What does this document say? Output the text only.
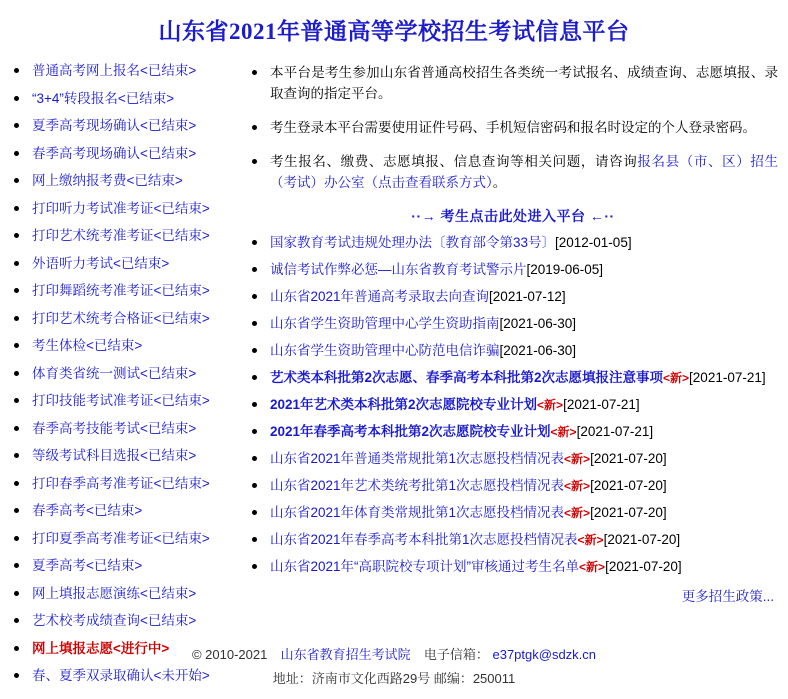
山东省2021年普通高等学校招生考试信息平台
普通高考网上报名<已结束>
“3+4”转段报名<已结束>
夏季高考现场确认<已结束>
春季高考现场确认<已结束>
网上缴纳报考费<已结束>
打印听力考试准考证<已结束>
打印艺术统考准考证<已结束>
外语听力考试<已结束>
打印舞蹈统考准考证<已结束>
打印艺术统考合格证<已结束>
考生体检<已结束>
体育类省统一测试<已结束>
打印技能考试准考证<已结束>
春季高考技能考试<已结束>
等级考试科目选报<已结束>
打印春季高考准考证<已结束>
春季高考<已结束>
打印夏季高考准考证<已结束>
夏季高考<已结束>
网上填报志愿演练<已结束>
艺术校考成绩查询<已结束>
网上填报志愿<进行中>
春、夏季双录取确认<未开始>
本平台是考生参加山东省普通高校招生各类统一考试报名、成绩查询、志愿填报、录取查询的指定平台。
考生登录本平台需要使用证件号码、手机短信密码和报名时设定的个人登录密码。
考生报名、缴费、志愿填报、信息查询等相关问题，请咨询报名县（市、区）招生（考试）办公室（点击查看联系方式）。
··→ 考生点击此处进入平台 ←··
国家教育考试违规处理办法〔教育部令第33号〕[2012-01-05]
诚信考试作弊必惩—山东省教育考试警示片[2019-06-05]
山东省2021年普通高考录取去向查询[2021-07-12]
山东省学生资助管理中心学生资助指南[2021-06-30]
山东省学生资助管理中心防范电信诈骗[2021-06-30]
艺术类本科批第2次志愿、春季高考本科批第2次志愿填报注意事项<新>[2021-07-21]
2021年艺术类本科批第2次志愿院校专业计划<新>[2021-07-21]
2021年春季高考本科批第2次志愿院校专业计划<新>[2021-07-21]
山东省2021年普通类常规批第1次志愿投档情况表<新>[2021-07-20]
山东省2021年艺术类统考批第1次志愿投档情况表<新>[2021-07-20]
山东省2021年体育类常规批第1次志愿投档情况表<新>[2021-07-20]
山东省2021年春季高考本科批第1次志愿投档情况表<新>[2021-07-20]
山东省2021年“高职院校专项计划”审核通过考生名单<新>[2021-07-20]
更多招生政策...
© 2010-2021 山东省教育招生考试院 电子信箱： e37ptgk@sdzk.cn
地址：济南市文化西路29号 邮编：250011
